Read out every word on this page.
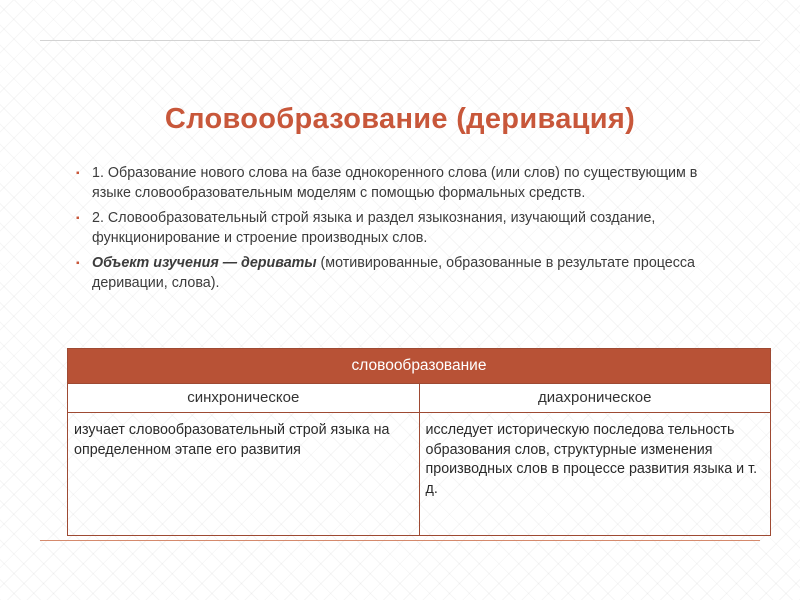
Словообразование (деривация)
▪ 1. Образование нового слова на базе однокоренного слова (или слов) по существующим в языке словообразовательным моделям с помощью формальных средств.
▪ 2. Словообразовательный строй языка и раздел языкознания, изучающий создание, функционирование и строение производных слов.
▪ Объект изучения — дериваты (мотивированные, образованные в результате процесса деривации, слова).
словообразование	
синхроническое	диахроническое
изучает словообразовательный строй языка на определенном этапе его развития	исследует историческую последова тельность образования слов, структурные изменения производных слов в процессе развития языка и т. д.
